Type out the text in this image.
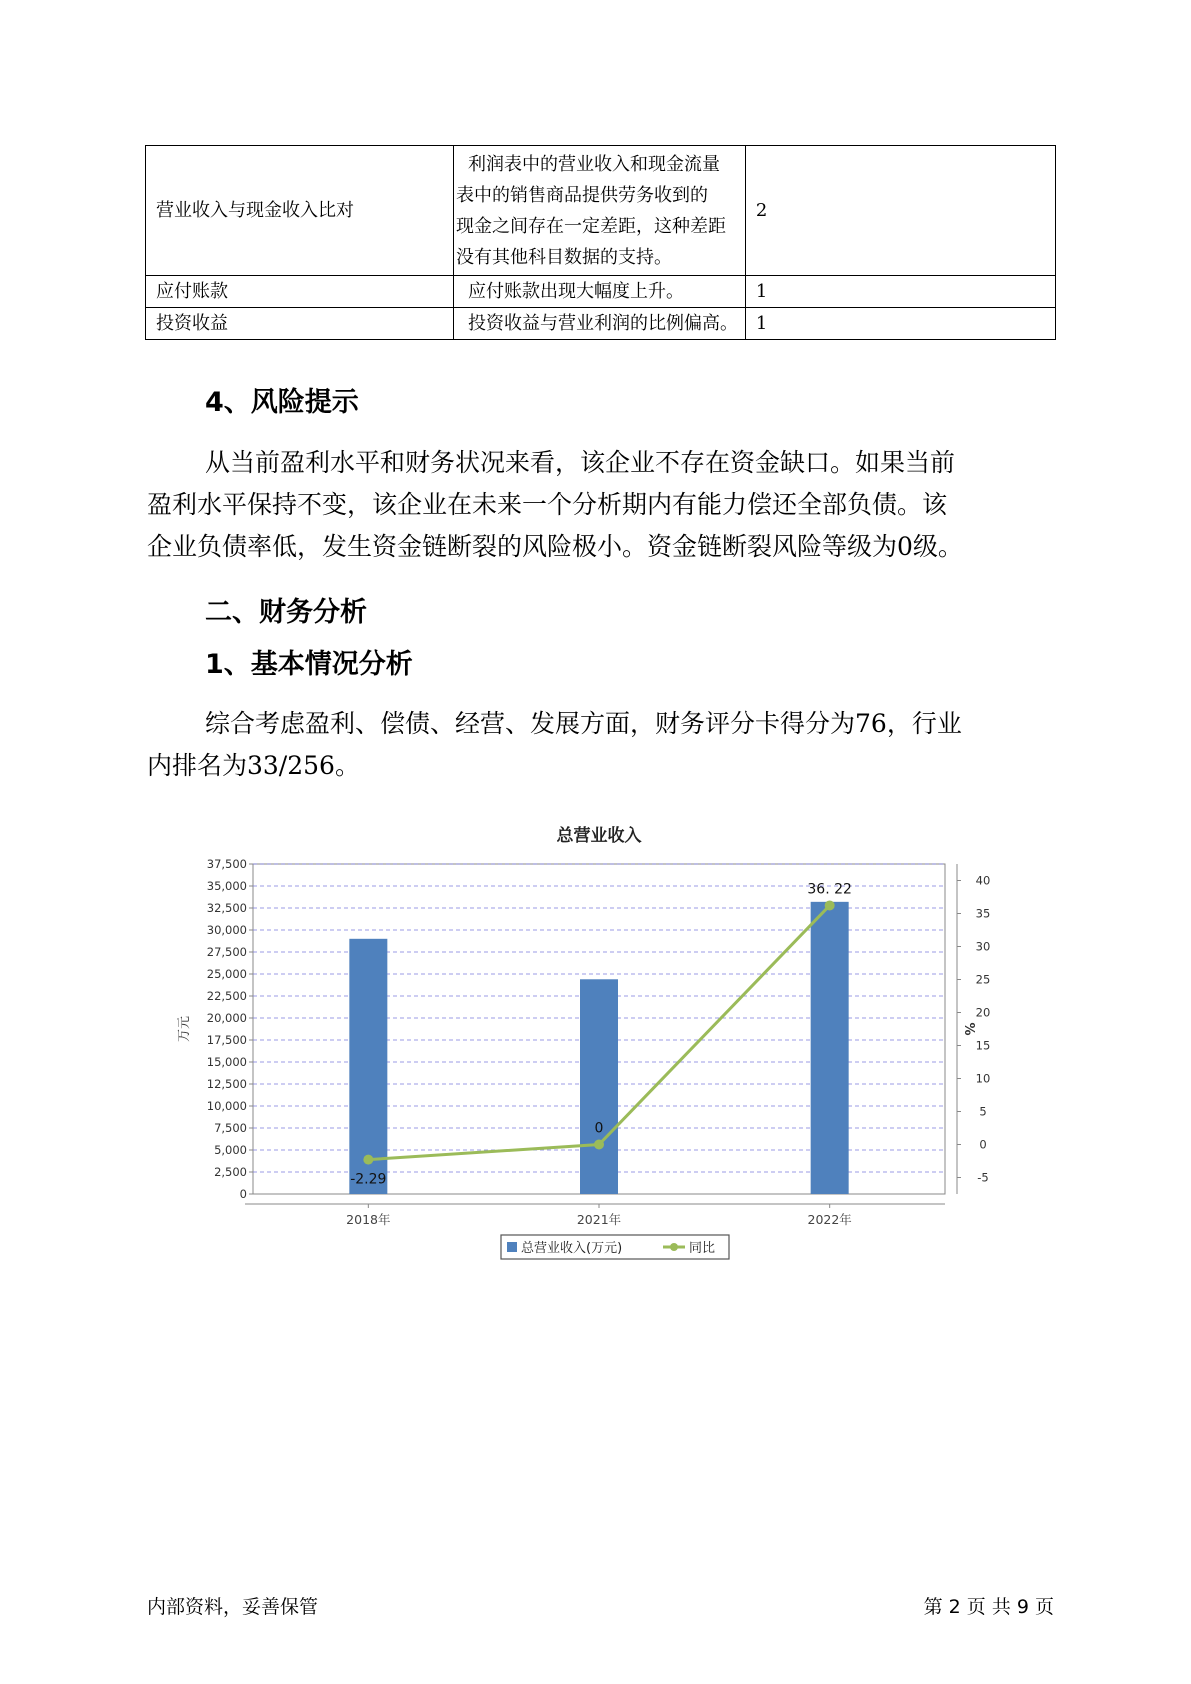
营业收入与现金收入比对	利润表中的营业收入和现金流量
表中的销售商品提供劳务收到的
现金之间存在一定差距，这种差距
没有其他科目数据的支持。	2
应付账款	应付账款出现大幅度上升。	1
投资收益	投资收益与营业利润的比例偏高。	1
4、风险提示

从当前盈利水平和财务状况来看，该企业不存在资金缺口。如果当前
盈利水平保持不变，该企业在未来一个分析期内有能力偿还全部负债。该
企业负债率低，发生资金链断裂的风险极小。资金链断裂风险等级为0级。

二、财务分析
1、基本情况分析

综合考虑盈利、偿债、经营、发展方面，财务评分卡得分为76，行业
内排名为33/256。

总营业收入
0
2,500
5,000
7,500
10,000
12,500
15,000
17,500
20,000
22,500
25,000
27,500
30,000
32,500
35,000
37,500
-5
0
5
10
15
20
25
30
35
40
万元	%
2018年	2021年	2022年
-2.29
0
36. 22
总营业收入(万元)	同比
内部资料，妥善保管	第 2 页 共 9 页
